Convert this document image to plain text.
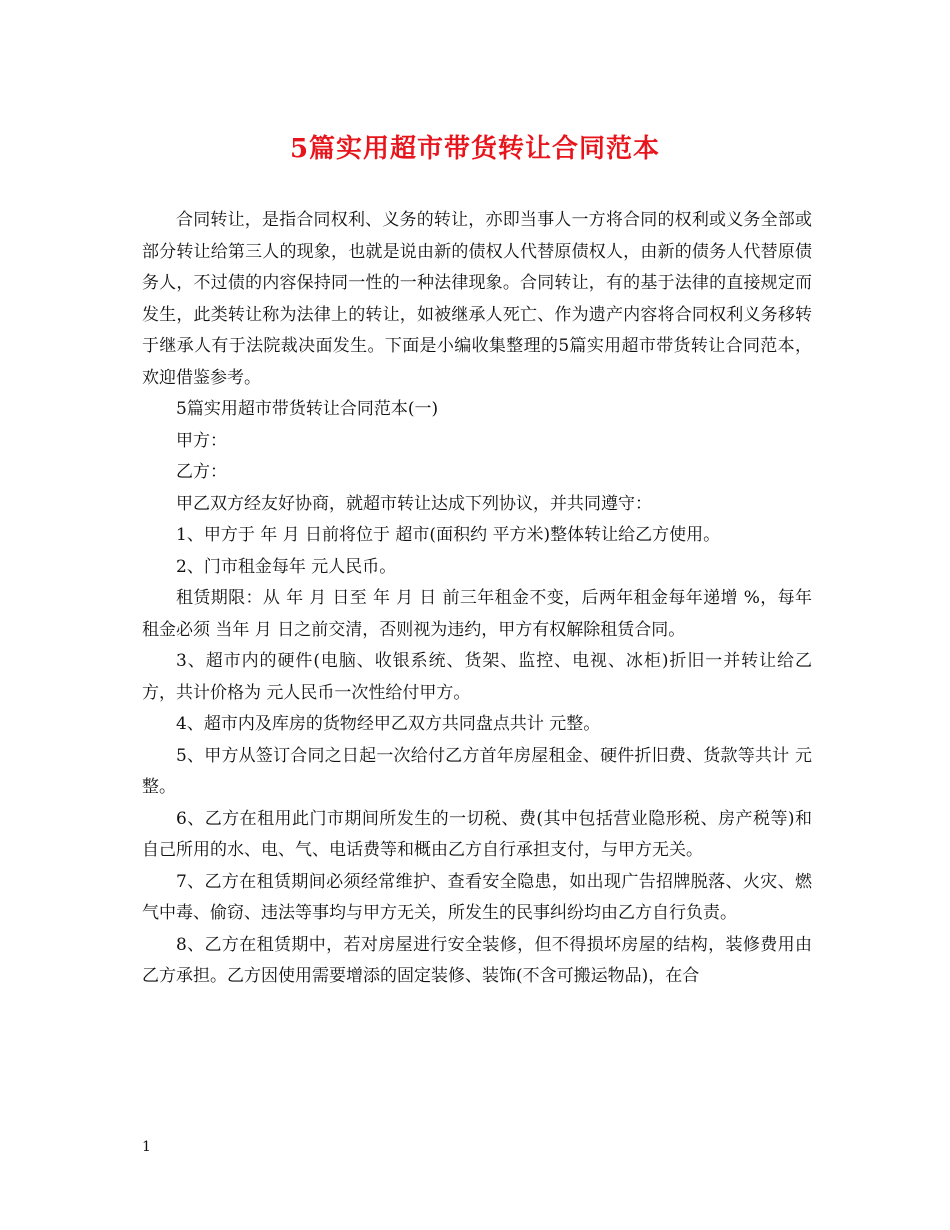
5篇实用超市带货转让合同范本

合同转让，是指合同权利、义务的转让，亦即当事人一方将合同的权利或义务全部或部分转让给第三人的现象，也就是说由新的债权人代替原债权人，由新的债务人代替原债务人，不过债的内容保持同一性的一种法律现象。合同转让，有的基于法律的直接规定而发生，此类转让称为法律上的转让，如被继承人死亡、作为遗产内容将合同权利义务移转于继承人有于法院裁决面发生。下面是小编收集整理的5篇实用超市带货转让合同范本，欢迎借鉴参考。

5篇实用超市带货转让合同范本(一)

甲方：

乙方：

甲乙双方经友好协商，就超市转让达成下列协议，并共同遵守：

1、甲方于 年 月 日前将位于 超市(面积约 平方米)整体转让给乙方使用。

2、门市租金每年 元人民币。

租赁期限：从 年 月 日至 年 月 日 前三年租金不变，后两年租金每年递增 %，每年租金必须 当年 月 日之前交清，否则视为违约，甲方有权解除租赁合同。

3、超市内的硬件(电脑、收银系统、货架、监控、电视、冰柜)折旧一并转让给乙方，共计价格为 元人民币一次性给付甲方。

4、超市内及库房的货物经甲乙双方共同盘点共计 元整。

5、甲方从签订合同之日起一次给付乙方首年房屋租金、硬件折旧费、货款等共计 元整。

6、乙方在租用此门市期间所发生的一切税、费(其中包括营业隐形税、房产税等)和自己所用的水、电、气、电话费等和概由乙方自行承担支付，与甲方无关。

7、乙方在租赁期间必须经常维护、查看安全隐患，如出现广告招牌脱落、火灾、燃气中毒、偷窃、违法等事均与甲方无关，所发生的民事纠纷均由乙方自行负责。

8、乙方在租赁期中，若对房屋进行安全装修，但不得损坏房屋的结构，装修费用由乙方承担。乙方因使用需要增添的固定装修、装饰(不含可搬运物品)，在合

1
